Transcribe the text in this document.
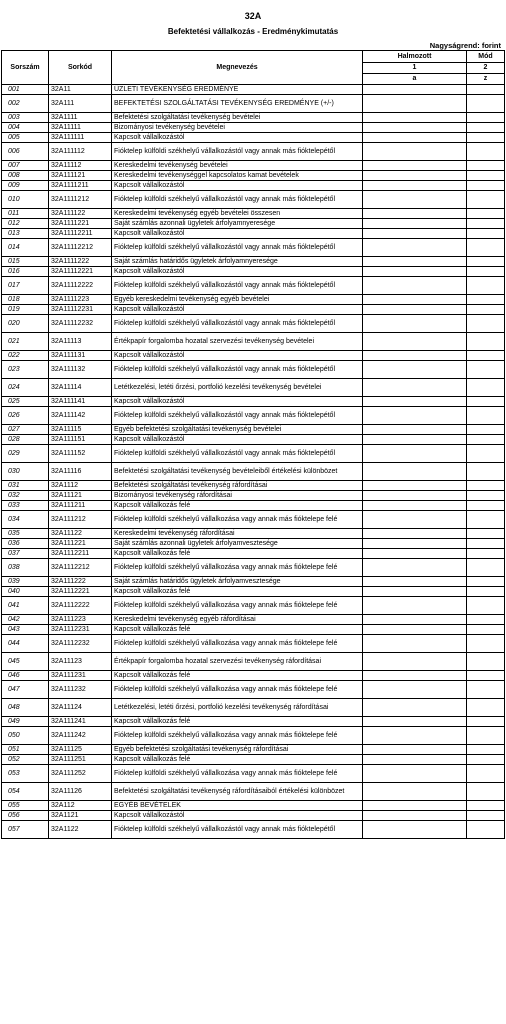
32A
Befektetési vállalkozás - Eredménykimutatás
Nagyságrend: forint
Sorszám	Sorkód	Megnevezés	Halmozott	Mód
			1	2
			a	z
001	32A11	ÜZLETI TEVÉKENYSÉG EREDMÉNYE		
002	32A111	BEFEKTETÉSI SZOLGÁLTATÁSI TEVÉKENYSÉG EREDMÉNYE (+/-)		
003	32A1111	Befektetési szolgáltatási tevékenység bevételei		
004	32A11111	Bizományosi tevékenység bevételei		
005	32A111111	Kapcsolt vállalkozástól		
006	32A111112	Fióktelep külföldi székhelyű vállalkozástól vagy annak más fióktelepétől		
007	32A11112	Kereskedelmi tevékenység bevételei		
008	32A111121	Kereskedelmi tevékenységgel kapcsolatos kamat bevételek		
009	32A1111211	Kapcsolt vállalkozástól		
010	32A1111212	Fióktelep külföldi székhelyű vállalkozástól vagy annak más fióktelepétől		
011	32A111122	Kereskedelmi tevékenység egyéb bevételei összesen		
012	32A1111221	Saját számlás azonnali ügyletek árfolyamnyeresége		
013	32A11112211	Kapcsolt vállalkozástól		
014	32A11112212	Fióktelep külföldi székhelyű vállalkozástól vagy annak más fióktelepétől		
015	32A1111222	Saját számlás határidős ügyletek árfolyamnyeresége		
016	32A11112221	Kapcsolt vállalkozástól		
017	32A11112222	Fióktelep külföldi székhelyű vállalkozástól vagy annak más fióktelepétől		
018	32A1111223	Egyéb kereskedelmi tevékenység egyéb bevételei		
019	32A11112231	Kapcsolt vállalkozástól		
020	32A11112232	Fióktelep külföldi székhelyű vállalkozástól vagy annak más fióktelepétől		
021	32A11113	Értékpapír forgalomba hozatal szervezési tevékenység bevételei		
022	32A111131	Kapcsolt vállalkozástól		
023	32A111132	Fióktelep külföldi székhelyű vállalkozástól vagy annak más fióktelepétől		
024	32A11114	Letétkezelési, letéti őrzési, portfolió kezelési tevékenység bevételei		
025	32A111141	Kapcsolt vállalkozástól		
026	32A111142	Fióktelep külföldi székhelyű vállalkozástól vagy annak más fióktelepétől		
027	32A11115	Egyéb befektetési szolgáltatási tevékenység bevételei		
028	32A111151	Kapcsolt vállalkozástól		
029	32A111152	Fióktelep külföldi székhelyű vállalkozástól vagy annak más fióktelepétől		
030	32A11116	Befektetési szolgáltatási tevékenység bevételeiből értékelési különbözet		
031	32A1112	Befektetési szolgáltatási tevékenység ráfordításai		
032	32A11121	Bizományosi tevékenység ráfordításai		
033	32A111211	Kapcsolt vállalkozás felé		
034	32A111212	Fióktelep külföldi székhelyű vállalkozása vagy annak más fióktelepe felé		
035	32A11122	Kereskedelmi tevékenység ráfordításai		
036	32A111221	Saját számlás azonnali ügyletek árfolyamvesztesége		
037	32A1112211	Kapcsolt vállalkozás felé		
038	32A1112212	Fióktelep külföldi székhelyű vállalkozása vagy annak más fióktelepe felé		
039	32A111222	Saját számlás határidős ügyletek árfolyamvesztesége		
040	32A1112221	Kapcsolt vállalkozás felé		
041	32A1112222	Fióktelep külföldi székhelyű vállalkozása vagy annak más fióktelepe felé		
042	32A111223	Kereskedelmi tevékenység egyéb ráfordításai		
043	32A1112231	Kapcsolt vállalkozás felé		
044	32A1112232	Fióktelep külföldi székhelyű vállalkozása vagy annak más fióktelepe felé		
045	32A11123	Értékpapír forgalomba hozatal szervezési tevékenység ráfordításai		
046	32A111231	Kapcsolt vállalkozás felé		
047	32A111232	Fióktelep külföldi székhelyű vállalkozása vagy annak más fióktelepe felé		
048	32A11124	Letétkezelési, letéti őrzési, portfolió kezelési tevékenység ráfordításai		
049	32A111241	Kapcsolt vállalkozás felé		
050	32A111242	Fióktelep külföldi székhelyű vállalkozása vagy annak más fióktelepe felé		
051	32A11125	Egyéb befektetési szolgáltatási tevékenység ráfordításai		
052	32A111251	Kapcsolt vállalkozás felé		
053	32A111252	Fióktelep külföldi székhelyű vállalkozása vagy annak más fióktelepe felé		
054	32A11126	Befektetési szolgáltatási tevékenység ráfordításaiból értékelési különbözet		
055	32A112	EGYÉB BEVÉTELEK		
056	32A1121	Kapcsolt vállalkozástól		
057	32A1122	Fióktelep külföldi székhelyű vállalkozástól vagy annak más fióktelepétől		
